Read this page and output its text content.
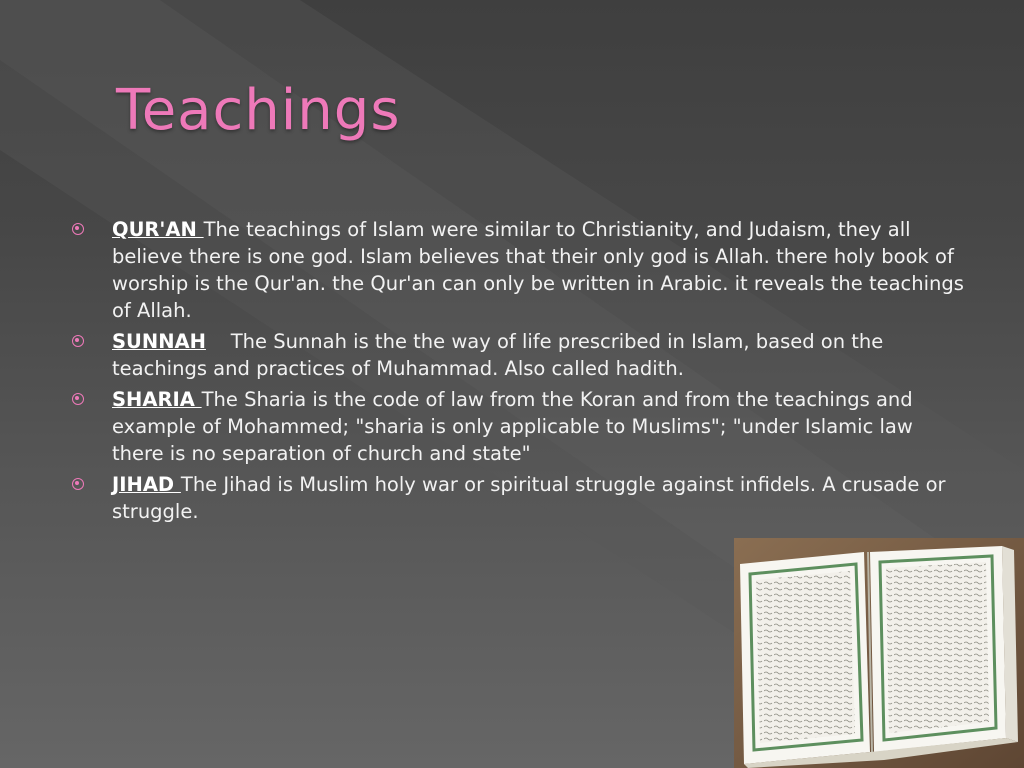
Teachings
QUR'AN The teachings of Islam were similar to Christianity, and Judaism, they all believe there is one god. Islam believes that their only god is Allah. there holy book of worship is the Qur'an. the Qur'an can only be written in Arabic. it reveals the teachings of Allah.
SUNNAH    The Sunnah is the the way of life prescribed in Islam, based on the teachings and practices of Muhammad. Also called hadith.
SHARIA The Sharia is the code of law from the Koran and from the teachings and example of Mohammed; "sharia is only applicable to Muslims"; "under Islamic law there is no separation of church and state"
JIHAD The Jihad is Muslim holy war or spiritual struggle against infidels. A crusade or struggle.
